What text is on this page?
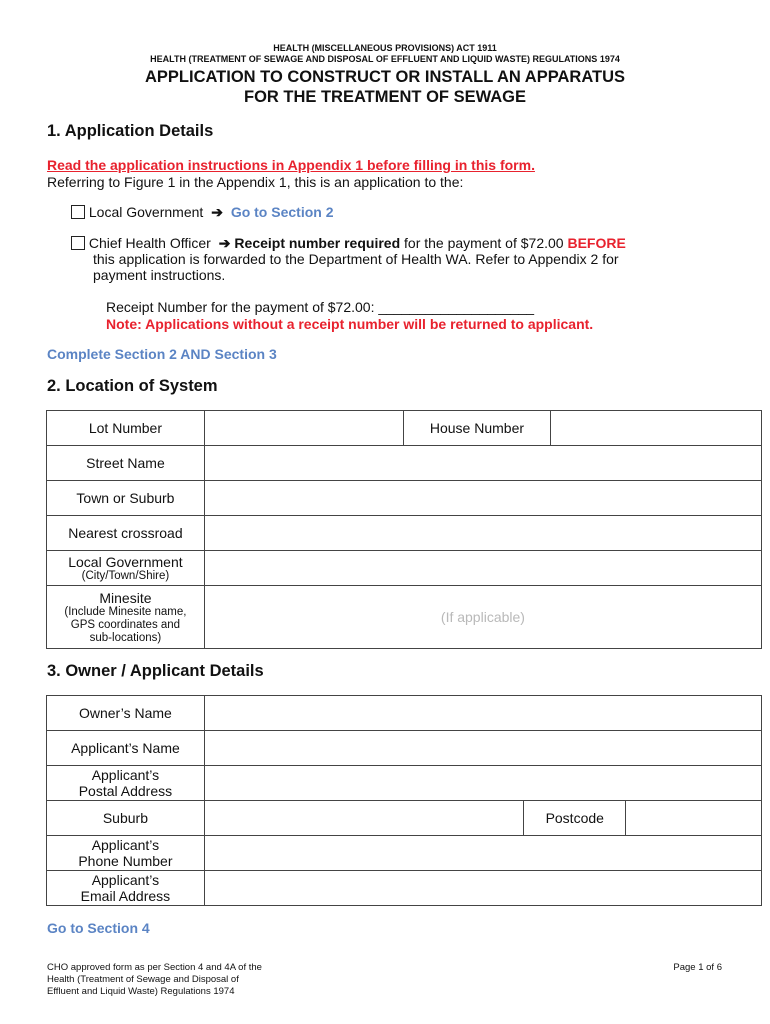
HEALTH (MISCELLANEOUS PROVISIONS) ACT 1911
HEALTH (TREATMENT OF SEWAGE AND DISPOSAL OF EFFLUENT AND LIQUID WASTE) REGULATIONS 1974
APPLICATION TO CONSTRUCT OR INSTALL AN APPARATUS
FOR THE TREATMENT OF SEWAGE
1. Application Details
Read the application instructions in Appendix 1 before filling in this form.
Referring to Figure 1 in the Appendix 1, this is an application to the:
Local Government ➔ Go to Section 2
Chief Health Officer ➔ Receipt number required for the payment of $72.00 BEFORE
this application is forwarded to the Department of Health WA. Refer to Appendix 2 for
payment instructions.
Receipt Number for the payment of $72.00: ____________________
Note: Applications without a receipt number will be returned to applicant.
Complete Section 2 AND Section 3
2. Location of System
Lot Number		House Number	
Street Name			
Town or Suburb			
Nearest crossroad			

Local Government
(City/Town/Shire)			

Minesite
(Include Minesite name,
GPS coordinates and
sub-locations)	(If applicable)		
3. Owner / Applicant Details
Owner’s Name			
Applicant’s Name			

Applicant’s
Postal Address			

Suburb		Postcode	

Applicant’s
Phone Number			

Applicant’s
Email Address			

Go to Section 4
CHO approved form as per Section 4 and 4A of the
Health (Treatment of Sewage and Disposal of
Effluent and Liquid Waste) Regulations 1974
Page 1 of 6
